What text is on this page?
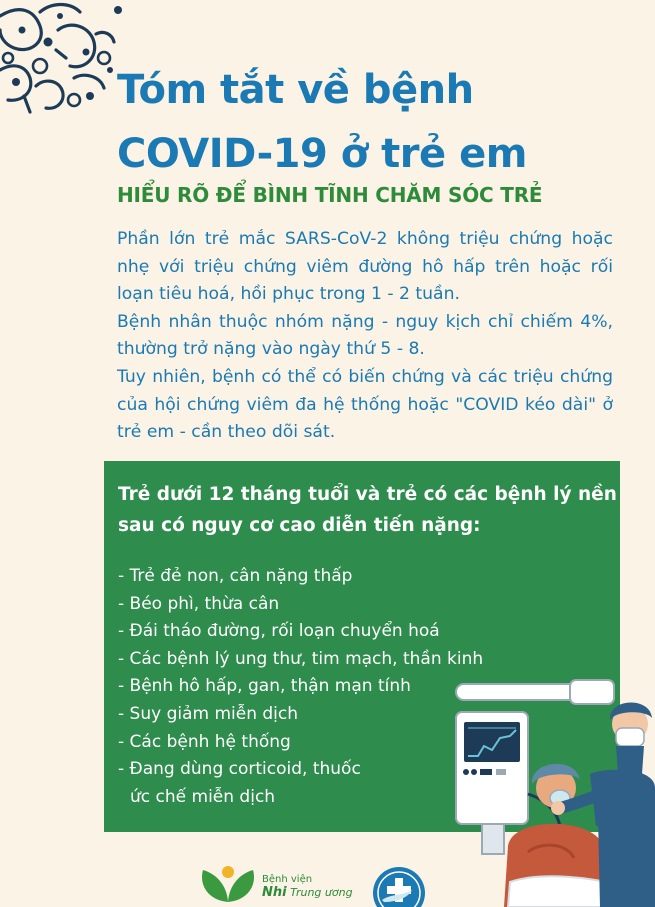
Tóm tắt về bệnh
COVID-19 ở trẻ em
HIỂU RÕ ĐỂ BÌNH TĨNH CHĂM SÓC TRẺ

Phần lớn trẻ mắc SARS-CoV-2 không triệu chứng hoặc nhẹ với triệu chứng viêm đường hô hấp trên hoặc rối loạn tiêu hoá, hồi phục trong 1 - 2 tuần.

Bệnh nhân thuộc nhóm nặng - nguy kịch chỉ chiếm 4%, thường trở nặng vào ngày thứ 5 - 8.

Tuy nhiên, bệnh có thể có biến chứng và các triệu chứng của hội chứng viêm đa hệ thống hoặc "COVID kéo dài" ở trẻ em - cần theo dõi sát.

Trẻ dưới 12 tháng tuổi và trẻ có các bệnh lý nền sau có nguy cơ cao diễn tiến nặng:
- Trẻ đẻ non, cân nặng thấp
- Béo phì, thừa cân
- Đái tháo đường, rối loạn chuyển hoá
- Các bệnh lý ung thư, tim mạch, thần kinh
- Bệnh hô hấp, gan, thận mạn tính
- Suy giảm miễn dịch
- Các bệnh hệ thống
- Đang dùng corticoid, thuốc
ức chế miễn dịch
Bệnh viện
Nhi Trung ương
